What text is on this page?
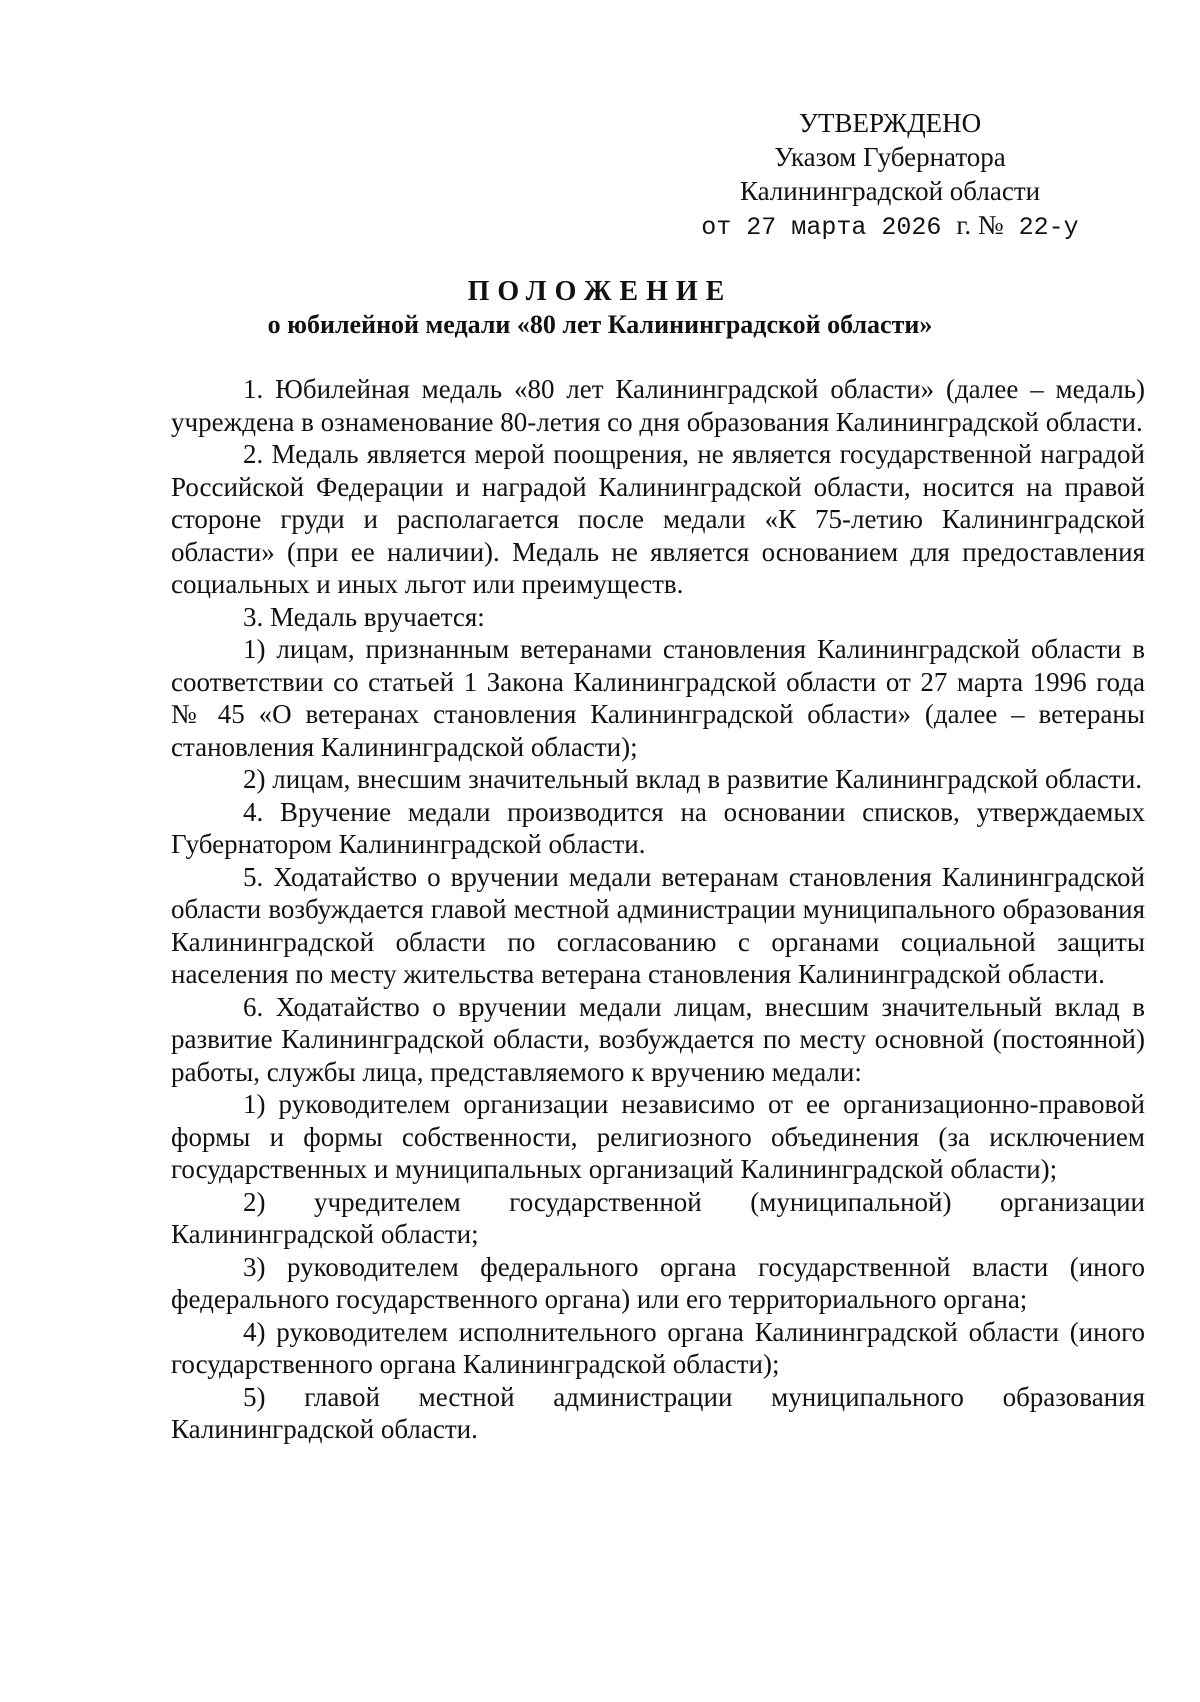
УТВЕРЖДЕНО
Указом Губернатора
Калининградской области
от 27 марта 2026 г. № 22-у
ПОЛОЖЕНИЕ
о юбилейной медали «80 лет Калининградской области»

1. Юбилейная медаль «80 лет Калининградской области» (далее – медаль) учреждена в ознаменование 80-летия со дня образования Калининградской области.

2. Медаль является мерой поощрения, не является государственной наградой Российской Федерации и наградой Калининградской области, носится на правой стороне груди и располагается после медали «К 75-летию Калининградской области» (при ее наличии). Медаль не является основанием для предоставления социальных и иных льгот или преимуществ.

3. Медаль вручается:

1) лицам, признанным ветеранами становления Калининградской области в соответствии со статьей 1 Закона Калининградской области от 27 марта 1996 года № 45 «О ветеранах становления Калининградской области» (далее – ветераны становления Калининградской области);

2) лицам, внесшим значительный вклад в развитие Калининградской области.

4. Вручение медали производится на основании списков, утверждаемых Губернатором Калининградской области.

5. Ходатайство о вручении медали ветеранам становления Калининградской области возбуждается главой местной администрации муниципального образования Калининградской области по согласованию с органами социальной защиты населения по месту жительства ветерана становления Калининградской области.

6. Ходатайство о вручении медали лицам, внесшим значительный вклад в развитие Калининградской области, возбуждается по месту основной (постоянной) работы, службы лица, представляемого к вручению медали:

1) руководителем организации независимо от ее организационно-правовой формы и формы собственности, религиозного объединения (за исключением государственных и муниципальных организаций Калининградской области);

2) учредителем государственной (муниципальной) организации Калининградской области;

3) руководителем федерального органа государственной власти (иного федерального государственного органа) или его территориального органа;

4) руководителем исполнительного органа Калининградской области (иного государственного органа Калининградской области);

5) главой местной администрации муниципального образования Калининградской области.
